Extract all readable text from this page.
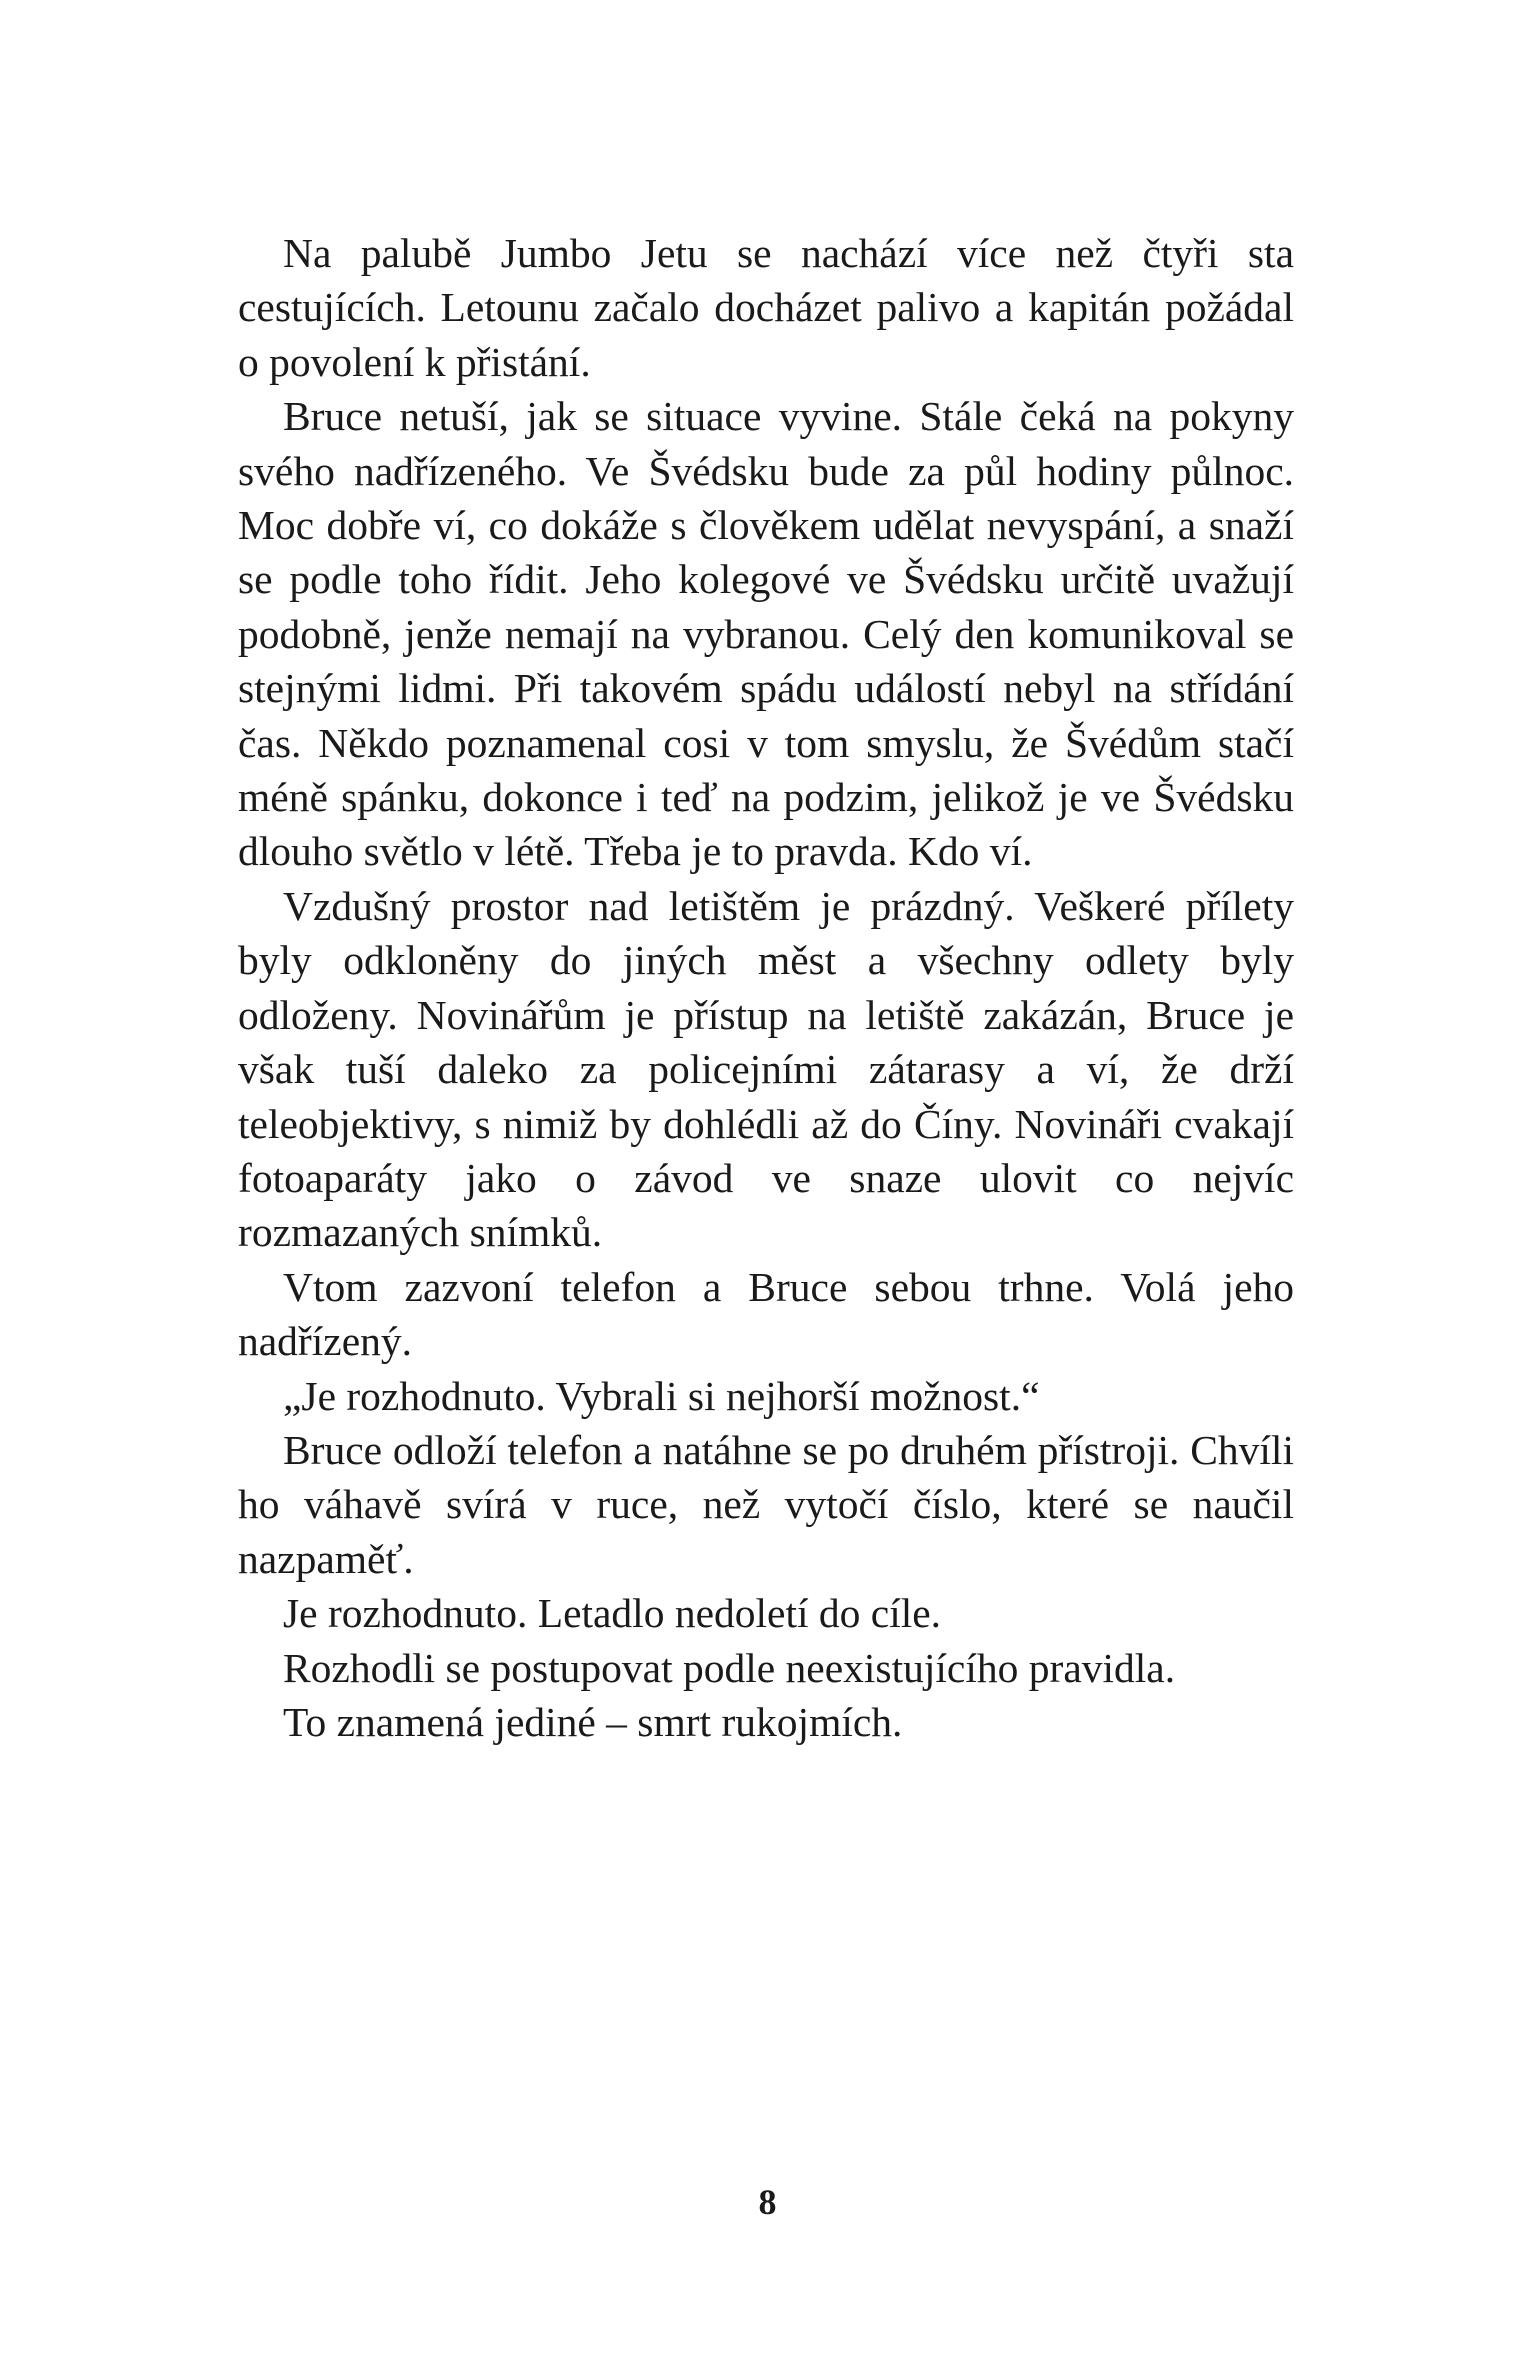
Na palubě Jumbo Jetu se nachází více než čtyři sta cestujících. Letounu začalo docházet palivo a kapitán požádal o povolení k přistání.

Bruce netuší, jak se situace vyvine. Stále čeká na pokyny svého nadřízeného. Ve Švédsku bude za půl hodiny půlnoc. Moc dobře ví, co dokáže s člověkem udělat nevyspání, a snaží se podle toho řídit. Jeho kolegové ve Švédsku určitě uvažují podobně, jenže nemají na vybranou. Celý den komunikoval se stejnými lidmi. Při takovém spádu událostí nebyl na střídání čas. Někdo poznamenal cosi v tom smyslu, že Švédům stačí méně spánku, dokonce i teď na podzim, jelikož je ve Švédsku dlouho světlo v létě. Třeba je to pravda. Kdo ví.

Vzdušný prostor nad letištěm je prázdný. Veškeré přílety byly odkloněny do jiných měst a všechny odlety byly odloženy. Novinářům je přístup na letiště zakázán, Bruce je však tuší daleko za policejními zátarasy a ví, že drží teleobjektivy, s nimiž by dohlédli až do Číny. Novináři cvakají fotoaparáty jako o závod ve snaze ulovit co nejvíc rozmazaných snímků.

Vtom zazvoní telefon a Bruce sebou trhne. Volá jeho nadřízený.

„Je rozhodnuto. Vybrali si nejhorší možnost.“

Bruce odloží telefon a natáhne se po druhém přístroji. Chvíli ho váhavě svírá v ruce, než vytočí číslo, které se naučil nazpaměť.

Je rozhodnuto. Letadlo nedoletí do cíle.

Rozhodli se postupovat podle neexistujícího pravidla.

To znamená jediné – smrt rukojmích.

8
